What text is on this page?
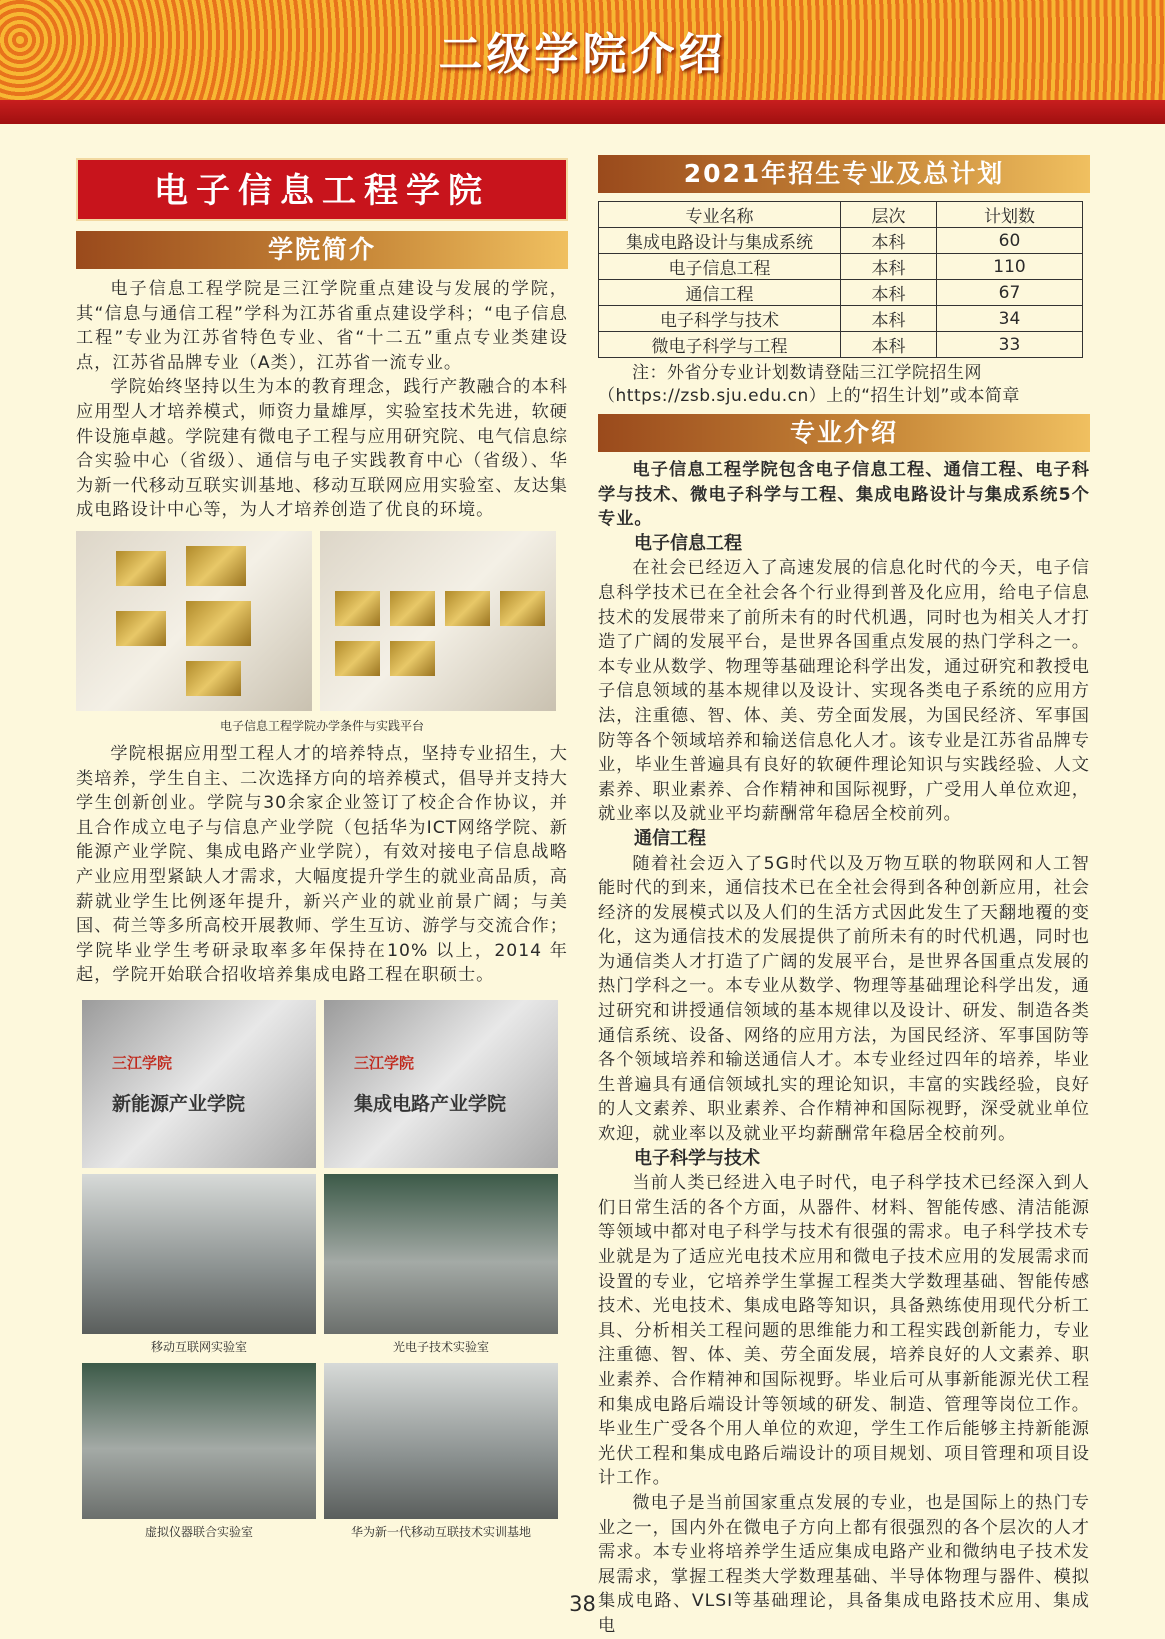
二级学院介绍
电子信息工程学院
学院简介

电子信息工程学院是三江学院重点建设与发展的学院，其“信息与通信工程”学科为江苏省重点建设学科；“电子信息工程”专业为江苏省特色专业、省“十二五”重点专业类建设点，江苏省品牌专业（A类），江苏省一流专业。

学院始终坚持以生为本的教育理念，践行产教融合的本科应用型人才培养模式，师资力量雄厚，实验室技术先进，软硬件设施卓越。学院建有微电子工程与应用研究院、电气信息综合实验中心（省级）、通信与电子实践教育中心（省级）、华为新一代移动互联实训基地、移动互联网应用实验室、友达集成电路设计中心等，为人才培养创造了优良的环境。

电子信息工程学院办学条件与实践平台

学院根据应用型工程人才的培养特点，坚持专业招生，大类培养，学生自主、二次选择方向的培养模式，倡导并支持大学生创新创业。学院与30余家企业签订了校企合作协议，并且合作成立电子与信息产业学院（包括华为ICT网络学院、新能源产业学院、集成电路产业学院），有效对接电子信息战略产业应用型紧缺人才需求，大幅度提升学生的就业高品质，高薪就业学生比例逐年提升，新兴产业的就业前景广阔；与美国、荷兰等多所高校开展教师、学生互访、游学与交流合作；学院毕业学生考研录取率多年保持在10% 以上，2014 年起，学院开始联合招收培养集成电路工程在职硕士。

三江学院
新能源产业学院
三江学院
集成电路产业学院
移动互联网实验室	光电子技术实验室
虚拟仪器联合实验室	华为新一代移动互联技术实训基地
2021年招生专业及总计划
专业名称	层次	计划数
集成电路设计与集成系统	本科	60
电子信息工程	本科	110
通信工程	本科	67
电子科学与技术	本科	34
微电子科学与工程	本科	33

注：外省分专业计划数请登陆三江学院招生网（https://zsb.sju.edu.cn）上的“招生计划”或本简章

专业介绍

电子信息工程学院包含电子信息工程、通信工程、电子科学与技术、微电子科学与工程、集成电路设计与集成系统5个专业。

电子信息工程

在社会已经迈入了高速发展的信息化时代的今天，电子信息科学技术已在全社会各个行业得到普及化应用，给电子信息技术的发展带来了前所未有的时代机遇，同时也为相关人才打造了广阔的发展平台，是世界各国重点发展的热门学科之一。本专业从数学、物理等基础理论科学出发，通过研究和教授电子信息领域的基本规律以及设计、实现各类电子系统的应用方法，注重德、智、体、美、劳全面发展，为国民经济、军事国防等各个领域培养和输送信息化人才。该专业是江苏省品牌专业，毕业生普遍具有良好的软硬件理论知识与实践经验、人文素养、职业素养、合作精神和国际视野，广受用人单位欢迎，就业率以及就业平均薪酬常年稳居全校前列。

通信工程

随着社会迈入了5G时代以及万物互联的物联网和人工智能时代的到来，通信技术已在全社会得到各种创新应用，社会经济的发展模式以及人们的生活方式因此发生了天翻地覆的变化，这为通信技术的发展提供了前所未有的时代机遇，同时也为通信类人才打造了广阔的发展平台，是世界各国重点发展的热门学科之一。本专业从数学、物理等基础理论科学出发，通过研究和讲授通信领域的基本规律以及设计、研发、制造各类通信系统、设备、网络的应用方法，为国民经济、军事国防等各个领域培养和输送通信人才。本专业经过四年的培养，毕业生普遍具有通信领域扎实的理论知识，丰富的实践经验，良好的人文素养、职业素养、合作精神和国际视野，深受就业单位欢迎，就业率以及就业平均薪酬常年稳居全校前列。

电子科学与技术

当前人类已经进入电子时代，电子科学技术已经深入到人们日常生活的各个方面，从器件、材料、智能传感、清洁能源等领域中都对电子科学与技术有很强的需求。电子科学技术专业就是为了适应光电技术应用和微电子技术应用的发展需求而设置的专业，它培养学生掌握工程类大学数理基础、智能传感技术、光电技术、集成电路等知识，具备熟练使用现代分析工具、分析相关工程问题的思维能力和工程实践创新能力，专业注重德、智、体、美、劳全面发展，培养良好的人文素养、职业素养、合作精神和国际视野。毕业后可从事新能源光伏工程和集成电路后端设计等领域的研发、制造、管理等岗位工作。毕业生广受各个用人单位的欢迎，学生工作后能够主持新能源光伏工程和集成电路后端设计的项目规划、项目管理和项目设计工作。

微电子是当前国家重点发展的专业，也是国际上的热门专业之一，国内外在微电子方向上都有很强烈的各个层次的人才需求。本专业将培养学生适应集成电路产业和微纳电子技术发展需求，掌握工程类大学数理基础、半导体物理与器件、模拟集成电路、VLSI等基础理论，具备集成电路技术应用、集成电

38
